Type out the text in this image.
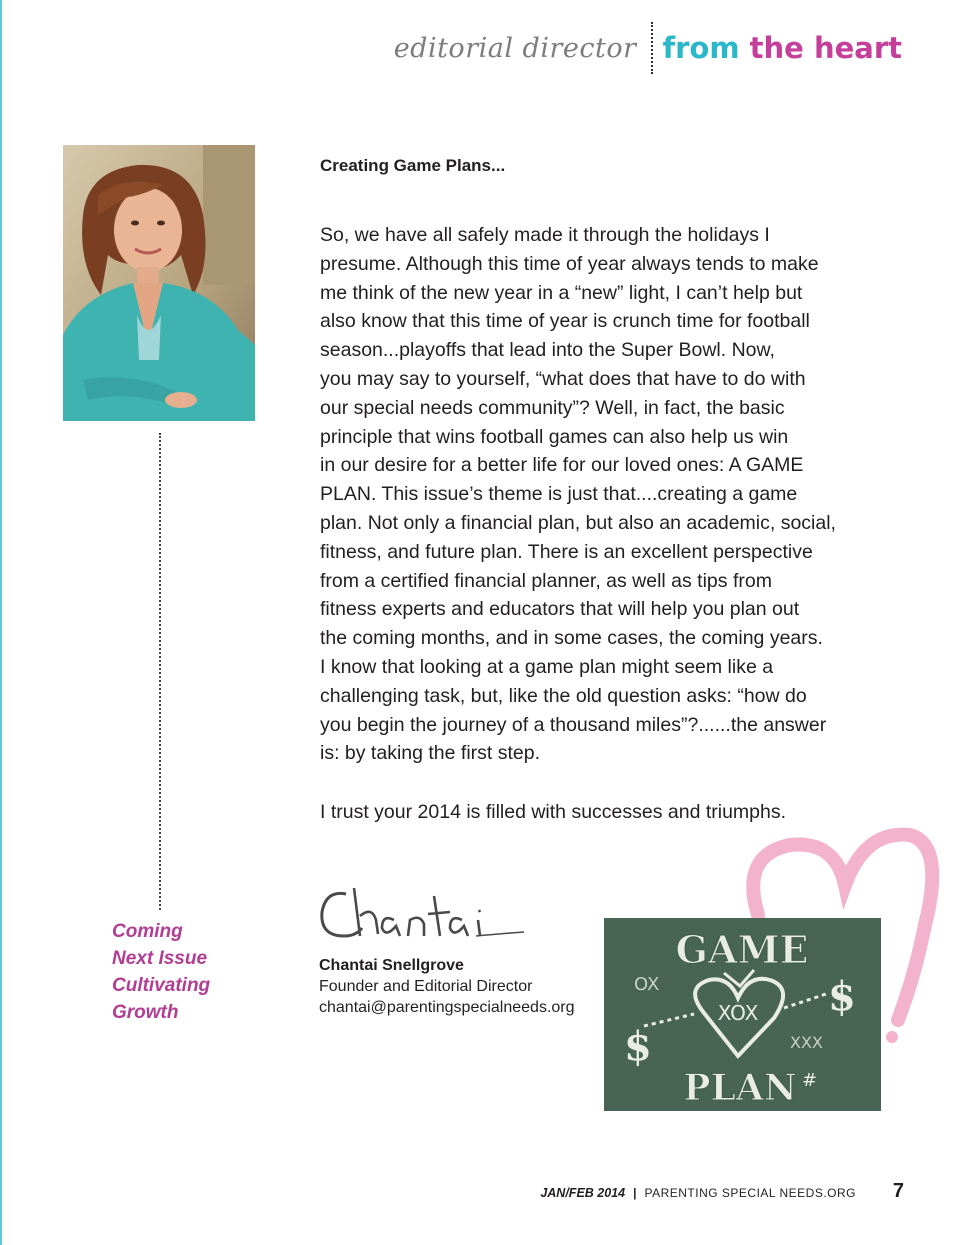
editorial director from the heart
Coming
Next Issue
Cultivating
Growth
Creating Game Plans...
So, we have all safely made it through the holidays I
presume. Although this time of year always tends to make
me think of the new year in a “new” light, I can’t help but
also know that this time of year is crunch time for football
season...playoffs that lead into the Super Bowl. Now,
you may say to yourself, “what does that have to do with
our special needs community”? Well, in fact, the basic
principle that wins football games can also help us win
in our desire for a better life for our loved ones: A GAME
PLAN. This issue’s theme is just that....creating a game
plan. Not only a financial plan, but also an academic, social,
fitness, and future plan. There is an excellent perspective
from a certified financial planner, as well as tips from
fitness experts and educators that will help you plan out
the coming months, and in some cases, the coming years.
I know that looking at a game plan might seem like a
challenging task, but, like the old question asks: “how do
you begin the journey of a thousand miles”?......the answer
is: by taking the first step.
I trust your 2014 is filled with successes and triumphs.
Chantai Snellgrove
Founder and Editorial Director
chantai@parentingspecialneeds.org
GAME
PLAN
XOX
XXX
OX	$
$
#
JAN/FEB 2014 | PARENTING SPECIAL NEEDS.ORG 7
